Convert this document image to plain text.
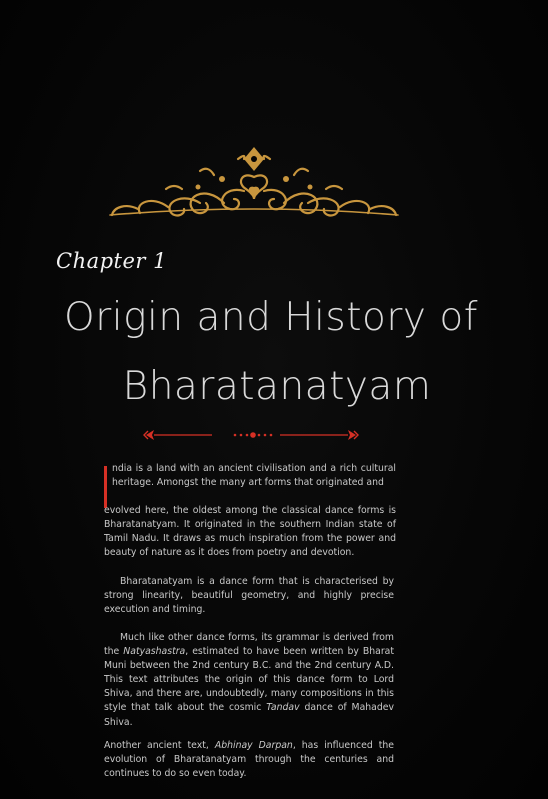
Chapter 1
Origin and History of
Bharatanatyam
ndia is a land with an ancient civilisation and a rich cultural heritage. Amongst the many art forms that originated and
evolved here, the oldest among the classical dance forms is Bharatanatyam. It originated in the southern Indian state of Tamil Nadu. It draws as much inspiration from the power and beauty of nature as it does from poetry and devotion.
Bharatanatyam is a dance form that is characterised by strong linearity, beautiful geometry, and highly precise execution and timing.
Much like other dance forms, its grammar is derived from the Natyashastra, estimated to have been written by Bharat Muni between the 2nd century B.C. and the 2nd century A.D. This text attributes the origin of this dance form to Lord Shiva, and there are, undoubtedly, many compositions in this style that talk about the cosmic Tandav dance of Mahadev Shiva.
Another ancient text, Abhinay Darpan, has influenced the evolution of Bharatanatyam through the centuries and continues to do so even today.
